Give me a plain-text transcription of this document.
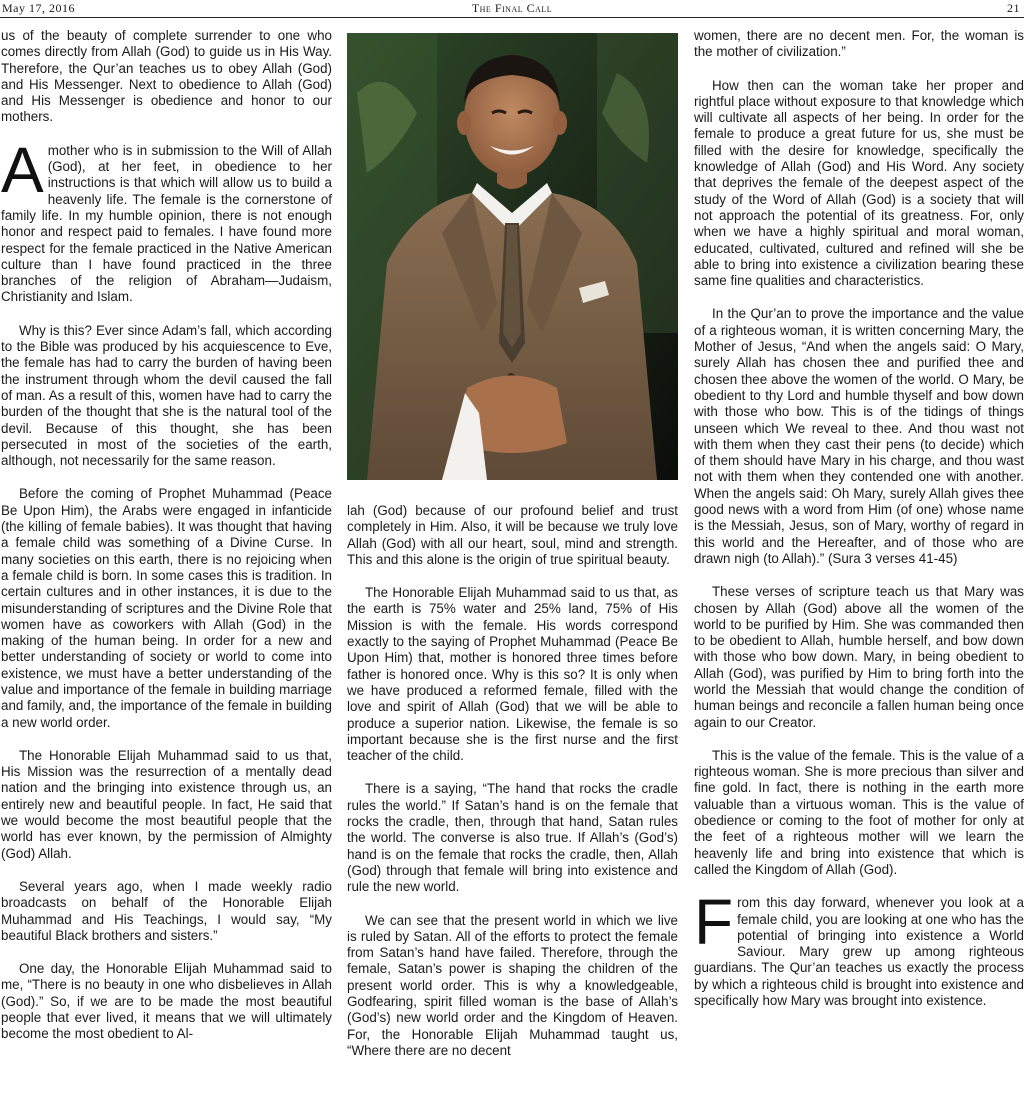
May 17, 2016	The Final Call	21

us of the beauty of complete surrender to one who comes directly from Allah (God) to guide us in His Way. Therefore, the Qur’an teaches us to obey Allah (God) and His Messenger. Next to obedience to Allah (God) and His Messenger is obedience and honor to our mothers.

Amother who is in submission to the Will of Allah (God), at her feet, in obedience to her instructions is that which will allow us to build a heavenly life. The female is the cornerstone of family life. In my humble opinion, there is not enough honor and respect paid to females. I have found more respect for the female practiced in the Native American culture than I have found practiced in the three branches of the religion of Abraham—Judaism, Christianity and Islam.

Why is this? Ever since Adam’s fall, which according to the Bible was produced by his acquiescence to Eve, the female has had to carry the burden of having been the instrument through whom the devil caused the fall of man. As a result of this, women have had to carry the burden of the thought that she is the natural tool of the devil. Because of this thought, she has been persecuted in most of the societies of the earth, although, not necessarily for the same reason.

Before the coming of Prophet Muhammad (Peace Be Upon Him), the Arabs were engaged in infanticide (the killing of female babies). It was thought that having a female child was something of a Divine Curse. In many societies on this earth, there is no rejoicing when a female child is born. In some cases this is tradition. In certain cultures and in other instances, it is due to the misunderstanding of scriptures and the Divine Role that women have as coworkers with Allah (God) in the making of the human being. In order for a new and better understanding of society or world to come into existence, we must have a better understanding of the value and importance of the female in building marriage and family, and, the importance of the female in building a new world order.

The Honorable Elijah Muhammad said to us that, His Mission was the resurrection of a mentally dead nation and the bringing into existence through us, an entirely new and beautiful people. In fact, He said that we would become the most beautiful people that the world has ever known, by the permission of Almighty (God) Allah.

Several years ago, when I made weekly radio broadcasts on behalf of the Honorable Elijah Muhammad and His Teachings, I would say, “My beautiful Black brothers and sisters.”

One day, the Honorable Elijah Muhammad said to me, “There is no beauty in one who disbelieves in Allah (God).” So, if we are to be made the most beautiful people that ever lived, it means that we will ultimately become the most obedient to Al-

lah (God) because of our profound belief and trust completely in Him. Also, it will be because we truly love Allah (God) with all our heart, soul, mind and strength. This and this alone is the origin of true spiritual beauty.

The Honorable Elijah Muhammad said to us that, as the earth is 75% water and 25% land, 75% of His Mission is with the female. His words correspond exactly to the saying of Prophet Muhammad (Peace Be Upon Him) that, mother is honored three times before father is honored once. Why is this so? It is only when we have produced a reformed female, filled with the love and spirit of Allah (God) that we will be able to produce a superior nation. Likewise, the female is so important because she is the first nurse and the first teacher of the child.

There is a saying, “The hand that rocks the cradle rules the world.” If Satan’s hand is on the female that rocks the cradle, then, through that hand, Satan rules the world. The converse is also true. If Allah’s (God’s) hand is on the female that rocks the cradle, then, Allah (God) through that female will bring into existence and rule the new world.

We can see that the present world in which we live is ruled by Satan. All of the efforts to protect the female from Satan’s hand have failed. Therefore, through the female, Satan’s power is shaping the children of the present world order. This is why a knowledgeable, Godfearing, spirit filled woman is the base of Allah’s (God’s) new world order and the Kingdom of Heaven. For, the Honorable Elijah Muhammad taught us, “Where there are no decent

women, there are no decent men. For, the woman is the mother of civilization.”

How then can the woman take her proper and rightful place without exposure to that knowledge which will cultivate all aspects of her being. In order for the female to produce a great future for us, she must be filled with the desire for knowledge, specifically the knowledge of Allah (God) and His Word. Any society that deprives the female of the deepest aspect of the study of the Word of Allah (God) is a society that will not approach the potential of its greatness. For, only when we have a highly spiritual and moral woman, educated, cultivated, cultured and refined will she be able to bring into existence a civilization bearing these same fine qualities and characteristics.

In the Qur’an to prove the importance and the value of a righteous woman, it is written concerning Mary, the Mother of Jesus, “And when the angels said: O Mary, surely Allah has chosen thee and purified thee and chosen thee above the women of the world. O Mary, be obedient to thy Lord and humble thyself and bow down with those who bow. This is of the tidings of things unseen which We reveal to thee. And thou wast not with them when they cast their pens (to decide) which of them should have Mary in his charge, and thou wast not with them when they contended one with another. When the angels said: Oh Mary, surely Allah gives thee good news with a word from Him (of one) whose name is the Messiah, Jesus, son of Mary, worthy of regard in this world and the Hereafter, and of those who are drawn nigh (to Allah).” (Sura 3 verses 41-45)

These verses of scripture teach us that Mary was chosen by Allah (God) above all the women of the world to be purified by Him. She was commanded then to be obedient to Allah, humble herself, and bow down with those who bow down. Mary, in being obedient to Allah (God), was purified by Him to bring forth into the world the Messiah that would change the condition of human beings and reconcile a fallen human being once again to our Creator.

This is the value of the female. This is the value of a righteous woman. She is more precious than silver and fine gold. In fact, there is nothing in the earth more valuable than a virtuous woman. This is the value of obedience or coming to the foot of mother for only at the feet of a righteous mother will we learn the heavenly life and bring into existence that which is called the Kingdom of Allah (God).

From this day forward, whenever you look at a female child, you are looking at one who has the potential of bringing into existence a World Saviour. Mary grew up among righteous guardians. The Qur’an teaches us exactly the process by which a righteous child is brought into existence and specifically how Mary was brought into existence.
